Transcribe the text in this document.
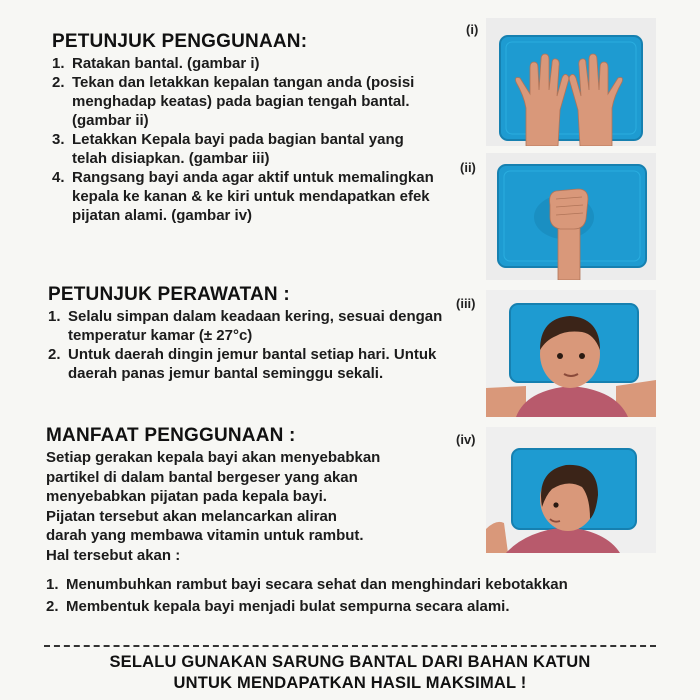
PETUNJUK PENGGUNAAN:
1. Ratakan bantal. (gambar i)
2. Tekan dan letakkan kepalan tangan anda (posisi menghadap keatas) pada bagian tengah bantal. (gambar ii)
3. Letakkan Kepala bayi pada bagian bantal yang telah disiapkan. (gambar iii)
4. Rangsang bayi anda agar aktif untuk memalingkan kepala ke kanan & ke kiri untuk mendapatkan efek pijatan alami. (gambar iv)
PETUNJUK PERAWATAN :
1. Selalu simpan dalam keadaan kering, sesuai dengan temperatur kamar (± 27°c)
2. Untuk daerah dingin jemur bantal setiap hari. Untuk daerah panas jemur bantal seminggu sekali.
MANFAAT PENGGUNAAN :

Setiap gerakan kepala bayi akan menyebabkan

partikel di dalam bantal bergeser yang akan

menyebabkan pijatan pada kepala bayi.

Pijatan tersebut akan melancarkan aliran

darah yang membawa vitamin untuk rambut.

Hal tersebut akan :

1. Menumbuhkan rambut bayi secara sehat dan menghindari kebotakkan
2. Membentuk kepala bayi menjadi bulat sempurna secara alami.
SELALU GUNAKAN SARUNG BANTAL DARI BAHAN KATUN
UNTUK MENDAPATKAN HASIL MAKSIMAL !
(i)
(ii)
(iii)
(iv)
